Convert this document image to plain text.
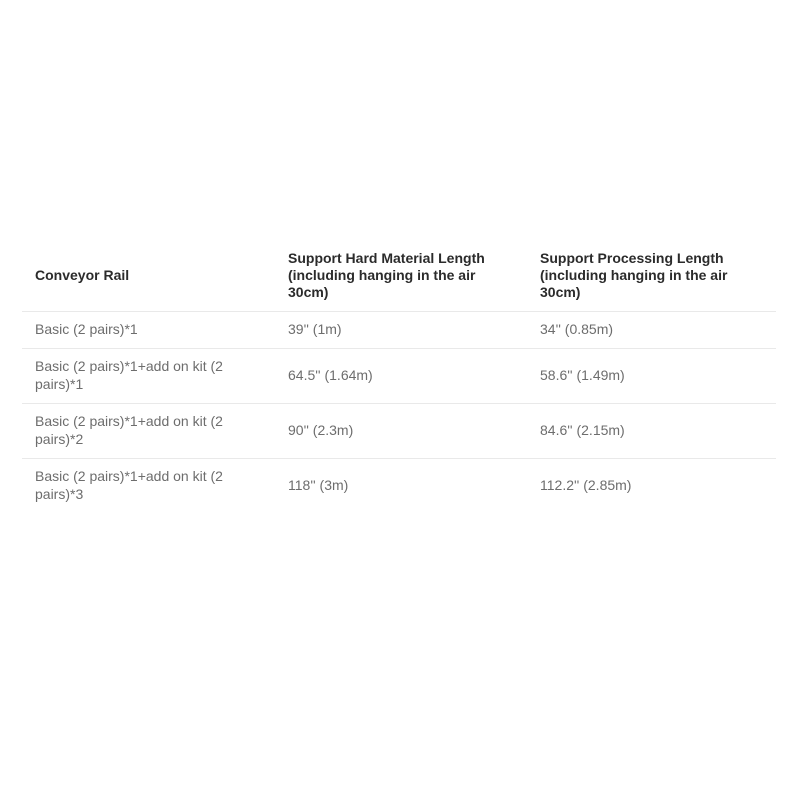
Conveyor Rail	Support Hard Material Length (including hanging in the air 30cm)	Support Processing Length (including hanging in the air 30cm)
Basic (2 pairs)*1	39'' (1m)	34'' (0.85m)
Basic (2 pairs)*1+add on kit (2 pairs)*1	64.5'' (1.64m)	58.6'' (1.49m)
Basic (2 pairs)*1+add on kit (2 pairs)*2	90'' (2.3m)	84.6'' (2.15m)
Basic (2 pairs)*1+add on kit (2 pairs)*3	118'' (3m)	112.2'' (2.85m)
